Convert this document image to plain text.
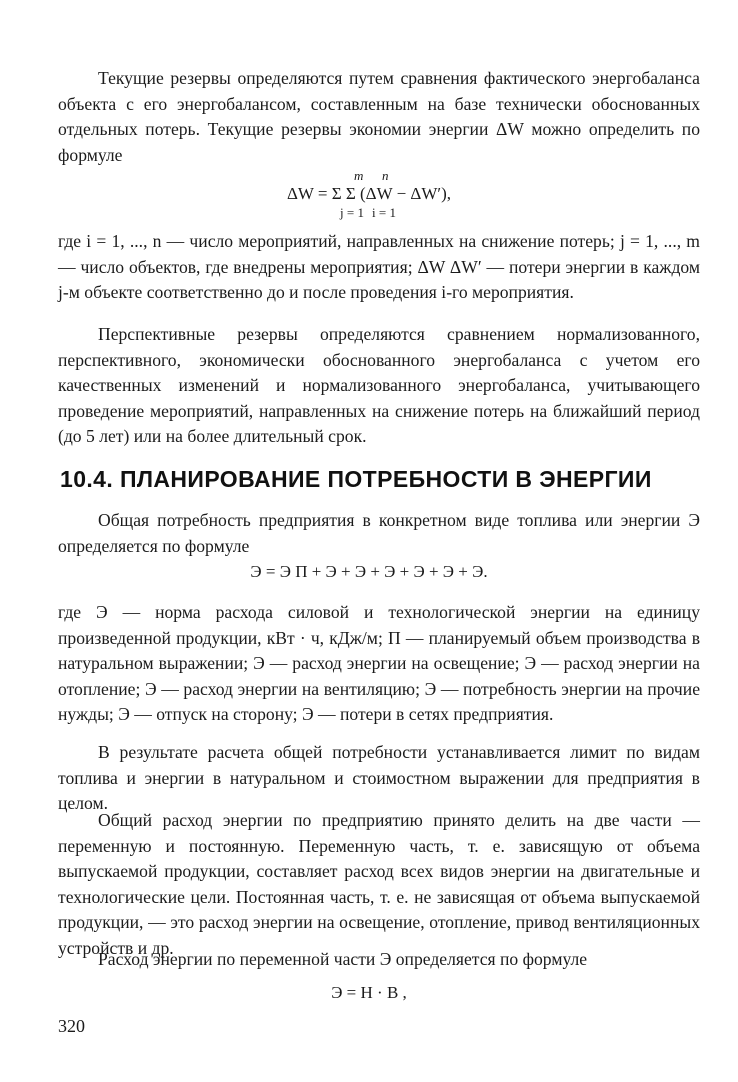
Текущие резервы определяются путем сравнения фактического энергобаланса объекта с его энергобалансом, составленным на базе технически обоснованных отдельных потерь. Текущие резервы экономии энергии ΔW можно определить по формуле

m n
ΔW = Σ Σ (ΔW − ΔW′),
j = 1 i = 1

где i = 1, ..., n — число мероприятий, направленных на снижение потерь; j = 1, ..., m — число объектов, где внедрены мероприятия; ΔW ΔW′ — потери энергии в каждом j-м объекте соответственно до и после проведения i-го мероприятия.

Перспективные резервы определяются сравнением нормализованного, перспективного, экономически обоснованного энергобаланса с учетом его качественных изменений и нормализованного энергобаланса, учитывающего проведение мероприятий, направленных на снижение потерь на ближайший период (до 5 лет) или на более длительный срок.

10.4. ПЛАНИРОВАНИЕ ПОТРЕБНОСТИ В ЭНЕРГИИ

Общая потребность предприятия в конкретном виде топлива или энергии Э определяется по формуле

Э = Э П + Э + Э + Э + Э + Э + Э.

где Э — норма расхода силовой и технологической энергии на единицу произведенной продукции, кВт · ч, кДж/м; П — планируемый объем производства в натуральном выражении; Э — расход энергии на освещение; Э — расход энергии на отопление; Э — расход энергии на вентиляцию; Э — потребность энергии на прочие нужды; Э — отпуск на сторону; Э — потери в сетях предприятия.

В результате расчета общей потребности устанавливается лимит по видам топлива и энергии в натуральном и стоимостном выражении для предприятия в целом.

Общий расход энергии по предприятию принято делить на две части — переменную и постоянную. Переменную часть, т. е. зависящую от объема выпускаемой продукции, составляет расход всех видов энергии на двигательные и технологические цели. Постоянная часть, т. е. не зависящая от объема выпускаемой продукции, — это расход энергии на освещение, отопление, привод вентиляционных устройств и др.

Расход энергии по переменной части Э определяется по формуле

Э = Н · В ,

320
